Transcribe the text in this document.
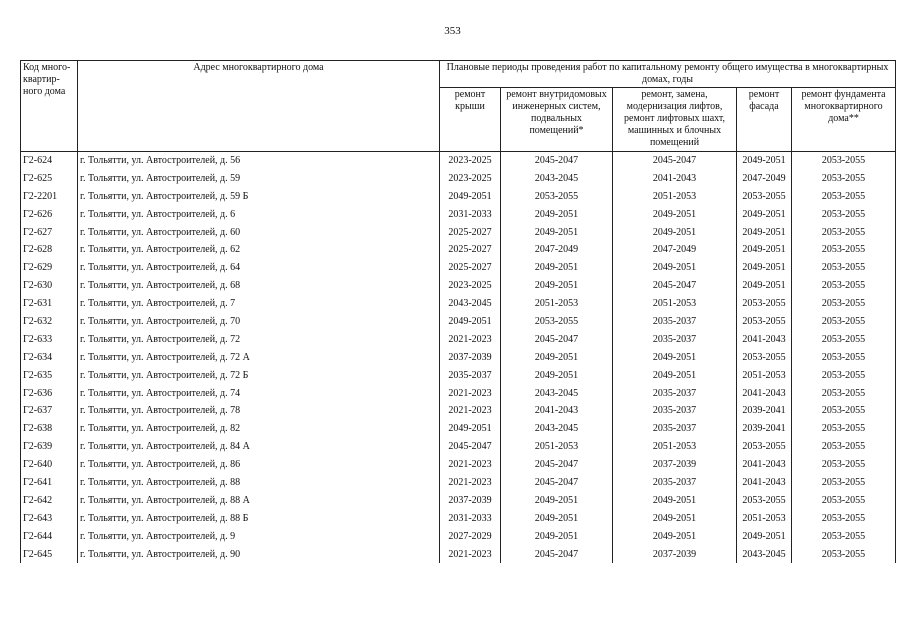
353
Код много-квартир-ного дома	Адрес многоквартирного дома	Плановые периоды проведения работ по капитальному ремонту общего имущества в многоквартирных домах, годы				
		ремонт крыши	ремонт внутридомовых инженерных систем, подвальных помещений*	ремонт, замена, модернизация лифтов, ремонт лифтовых шахт, машинных и блочных помещений	ремонт фасада	ремонт фундамента многоквартирного дома**
Г2-624	г. Тольятти, ул. Автостроителей, д. 56	2023-2025	2045-2047	2045-2047	2049-2051	2053-2055
Г2-625	г. Тольятти, ул. Автостроителей, д. 59	2023-2025	2043-2045	2041-2043	2047-2049	2053-2055
Г2-2201	г. Тольятти, ул. Автостроителей, д. 59 Б	2049-2051	2053-2055	2051-2053	2053-2055	2053-2055
Г2-626	г. Тольятти, ул. Автостроителей, д. 6	2031-2033	2049-2051	2049-2051	2049-2051	2053-2055
Г2-627	г. Тольятти, ул. Автостроителей, д. 60	2025-2027	2049-2051	2049-2051	2049-2051	2053-2055
Г2-628	г. Тольятти, ул. Автостроителей, д. 62	2025-2027	2047-2049	2047-2049	2049-2051	2053-2055
Г2-629	г. Тольятти, ул. Автостроителей, д. 64	2025-2027	2049-2051	2049-2051	2049-2051	2053-2055
Г2-630	г. Тольятти, ул. Автостроителей, д. 68	2023-2025	2049-2051	2045-2047	2049-2051	2053-2055
Г2-631	г. Тольятти, ул. Автостроителей, д. 7	2043-2045	2051-2053	2051-2053	2053-2055	2053-2055
Г2-632	г. Тольятти, ул. Автостроителей, д. 70	2049-2051	2053-2055	2035-2037	2053-2055	2053-2055
Г2-633	г. Тольятти, ул. Автостроителей, д. 72	2021-2023	2045-2047	2035-2037	2041-2043	2053-2055
Г2-634	г. Тольятти, ул. Автостроителей, д. 72 А	2037-2039	2049-2051	2049-2051	2053-2055	2053-2055
Г2-635	г. Тольятти, ул. Автостроителей, д. 72 Б	2035-2037	2049-2051	2049-2051	2051-2053	2053-2055
Г2-636	г. Тольятти, ул. Автостроителей, д. 74	2021-2023	2043-2045	2035-2037	2041-2043	2053-2055
Г2-637	г. Тольятти, ул. Автостроителей, д. 78	2021-2023	2041-2043	2035-2037	2039-2041	2053-2055
Г2-638	г. Тольятти, ул. Автостроителей, д. 82	2049-2051	2043-2045	2035-2037	2039-2041	2053-2055
Г2-639	г. Тольятти, ул. Автостроителей, д. 84 А	2045-2047	2051-2053	2051-2053	2053-2055	2053-2055
Г2-640	г. Тольятти, ул. Автостроителей, д. 86	2021-2023	2045-2047	2037-2039	2041-2043	2053-2055
Г2-641	г. Тольятти, ул. Автостроителей, д. 88	2021-2023	2045-2047	2035-2037	2041-2043	2053-2055
Г2-642	г. Тольятти, ул. Автостроителей, д. 88 А	2037-2039	2049-2051	2049-2051	2053-2055	2053-2055
Г2-643	г. Тольятти, ул. Автостроителей, д. 88 Б	2031-2033	2049-2051	2049-2051	2051-2053	2053-2055
Г2-644	г. Тольятти, ул. Автостроителей, д. 9	2027-2029	2049-2051	2049-2051	2049-2051	2053-2055
Г2-645	г. Тольятти, ул. Автостроителей, д. 90	2021-2023	2045-2047	2037-2039	2043-2045	2053-2055
